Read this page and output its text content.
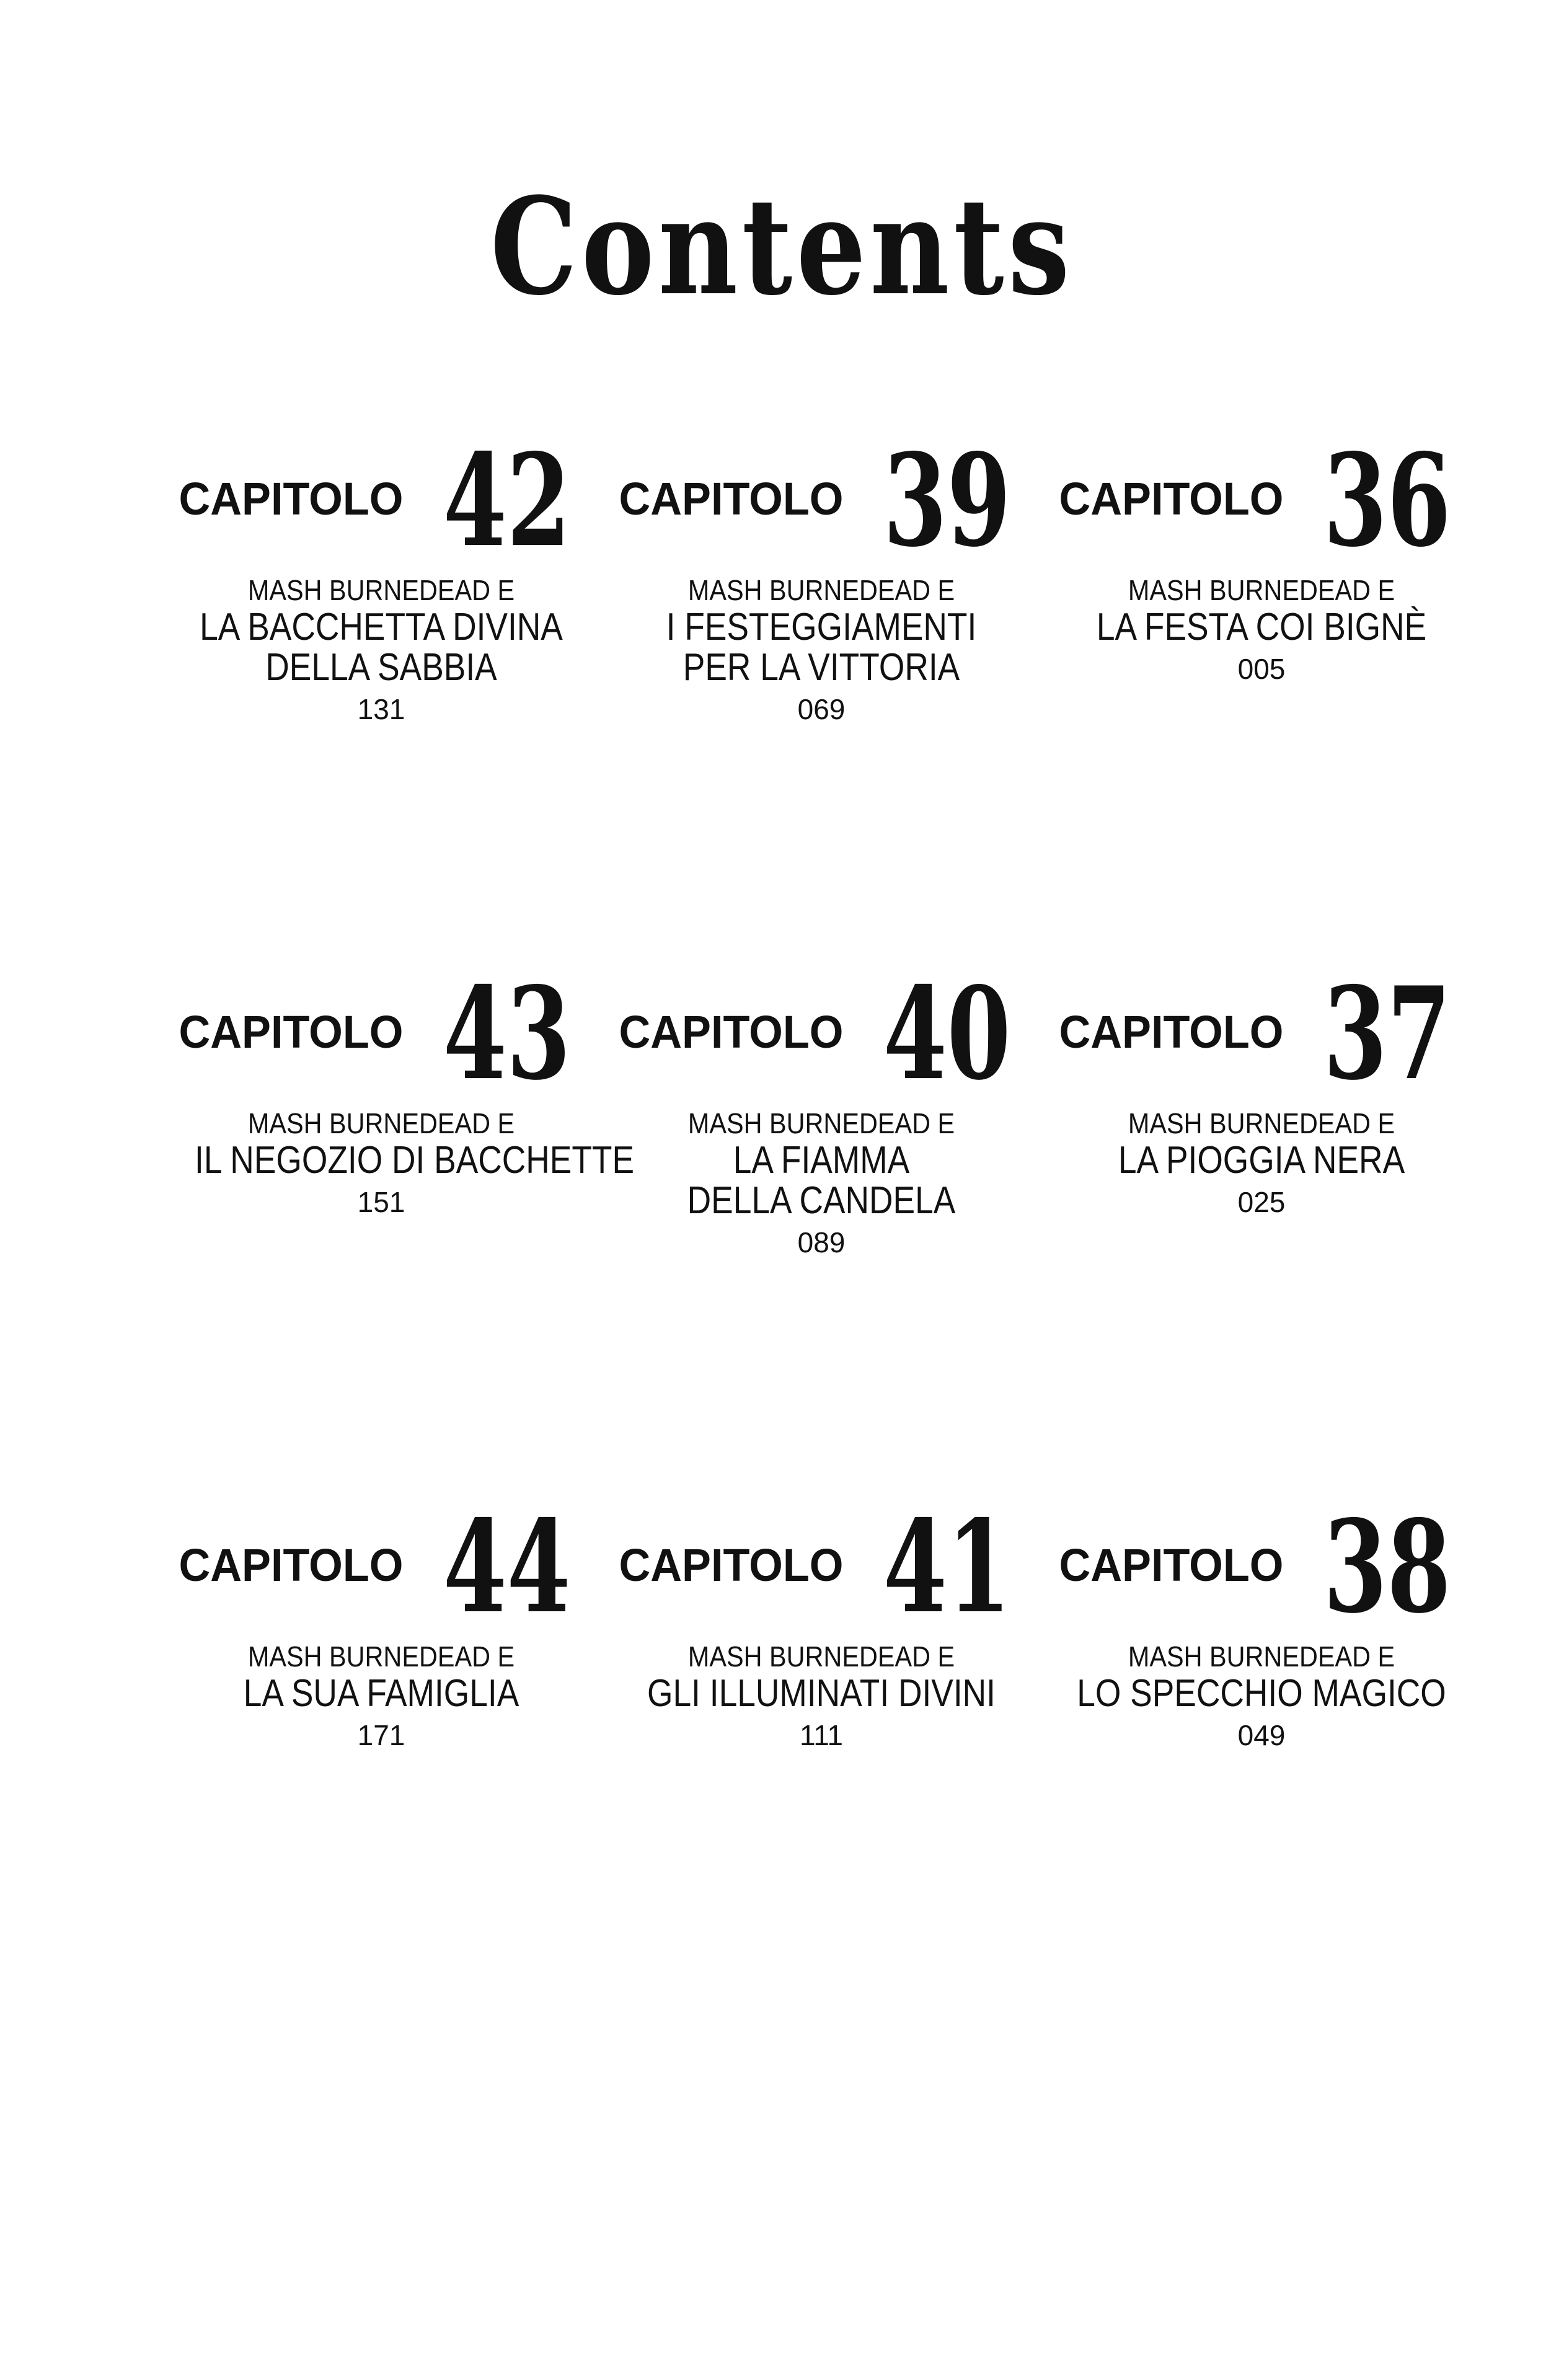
Contents
CAPITOLO 42
MASH BURNEDEAD E
LA BACCHETTA DIVINA
DELLA SABBIA
131
CAPITOLO 39
MASH BURNEDEAD E
I FESTEGGIAMENTI
PER LA VITTORIA
069
CAPITOLO 36
MASH BURNEDEAD E
LA FESTA COI BIGNÈ
005
CAPITOLO 43
MASH BURNEDEAD E
IL NEGOZIO DI BACCHETTE
151
CAPITOLO 40
MASH BURNEDEAD E
LA FIAMMA
DELLA CANDELA
089
CAPITOLO 37
MASH BURNEDEAD E
LA PIOGGIA NERA
025
CAPITOLO 44
MASH BURNEDEAD E
LA SUA FAMIGLIA
171
CAPITOLO 41
MASH BURNEDEAD E
GLI ILLUMINATI DIVINI
111
CAPITOLO 38
MASH BURNEDEAD E
LO SPECCHIO MAGICO
049
